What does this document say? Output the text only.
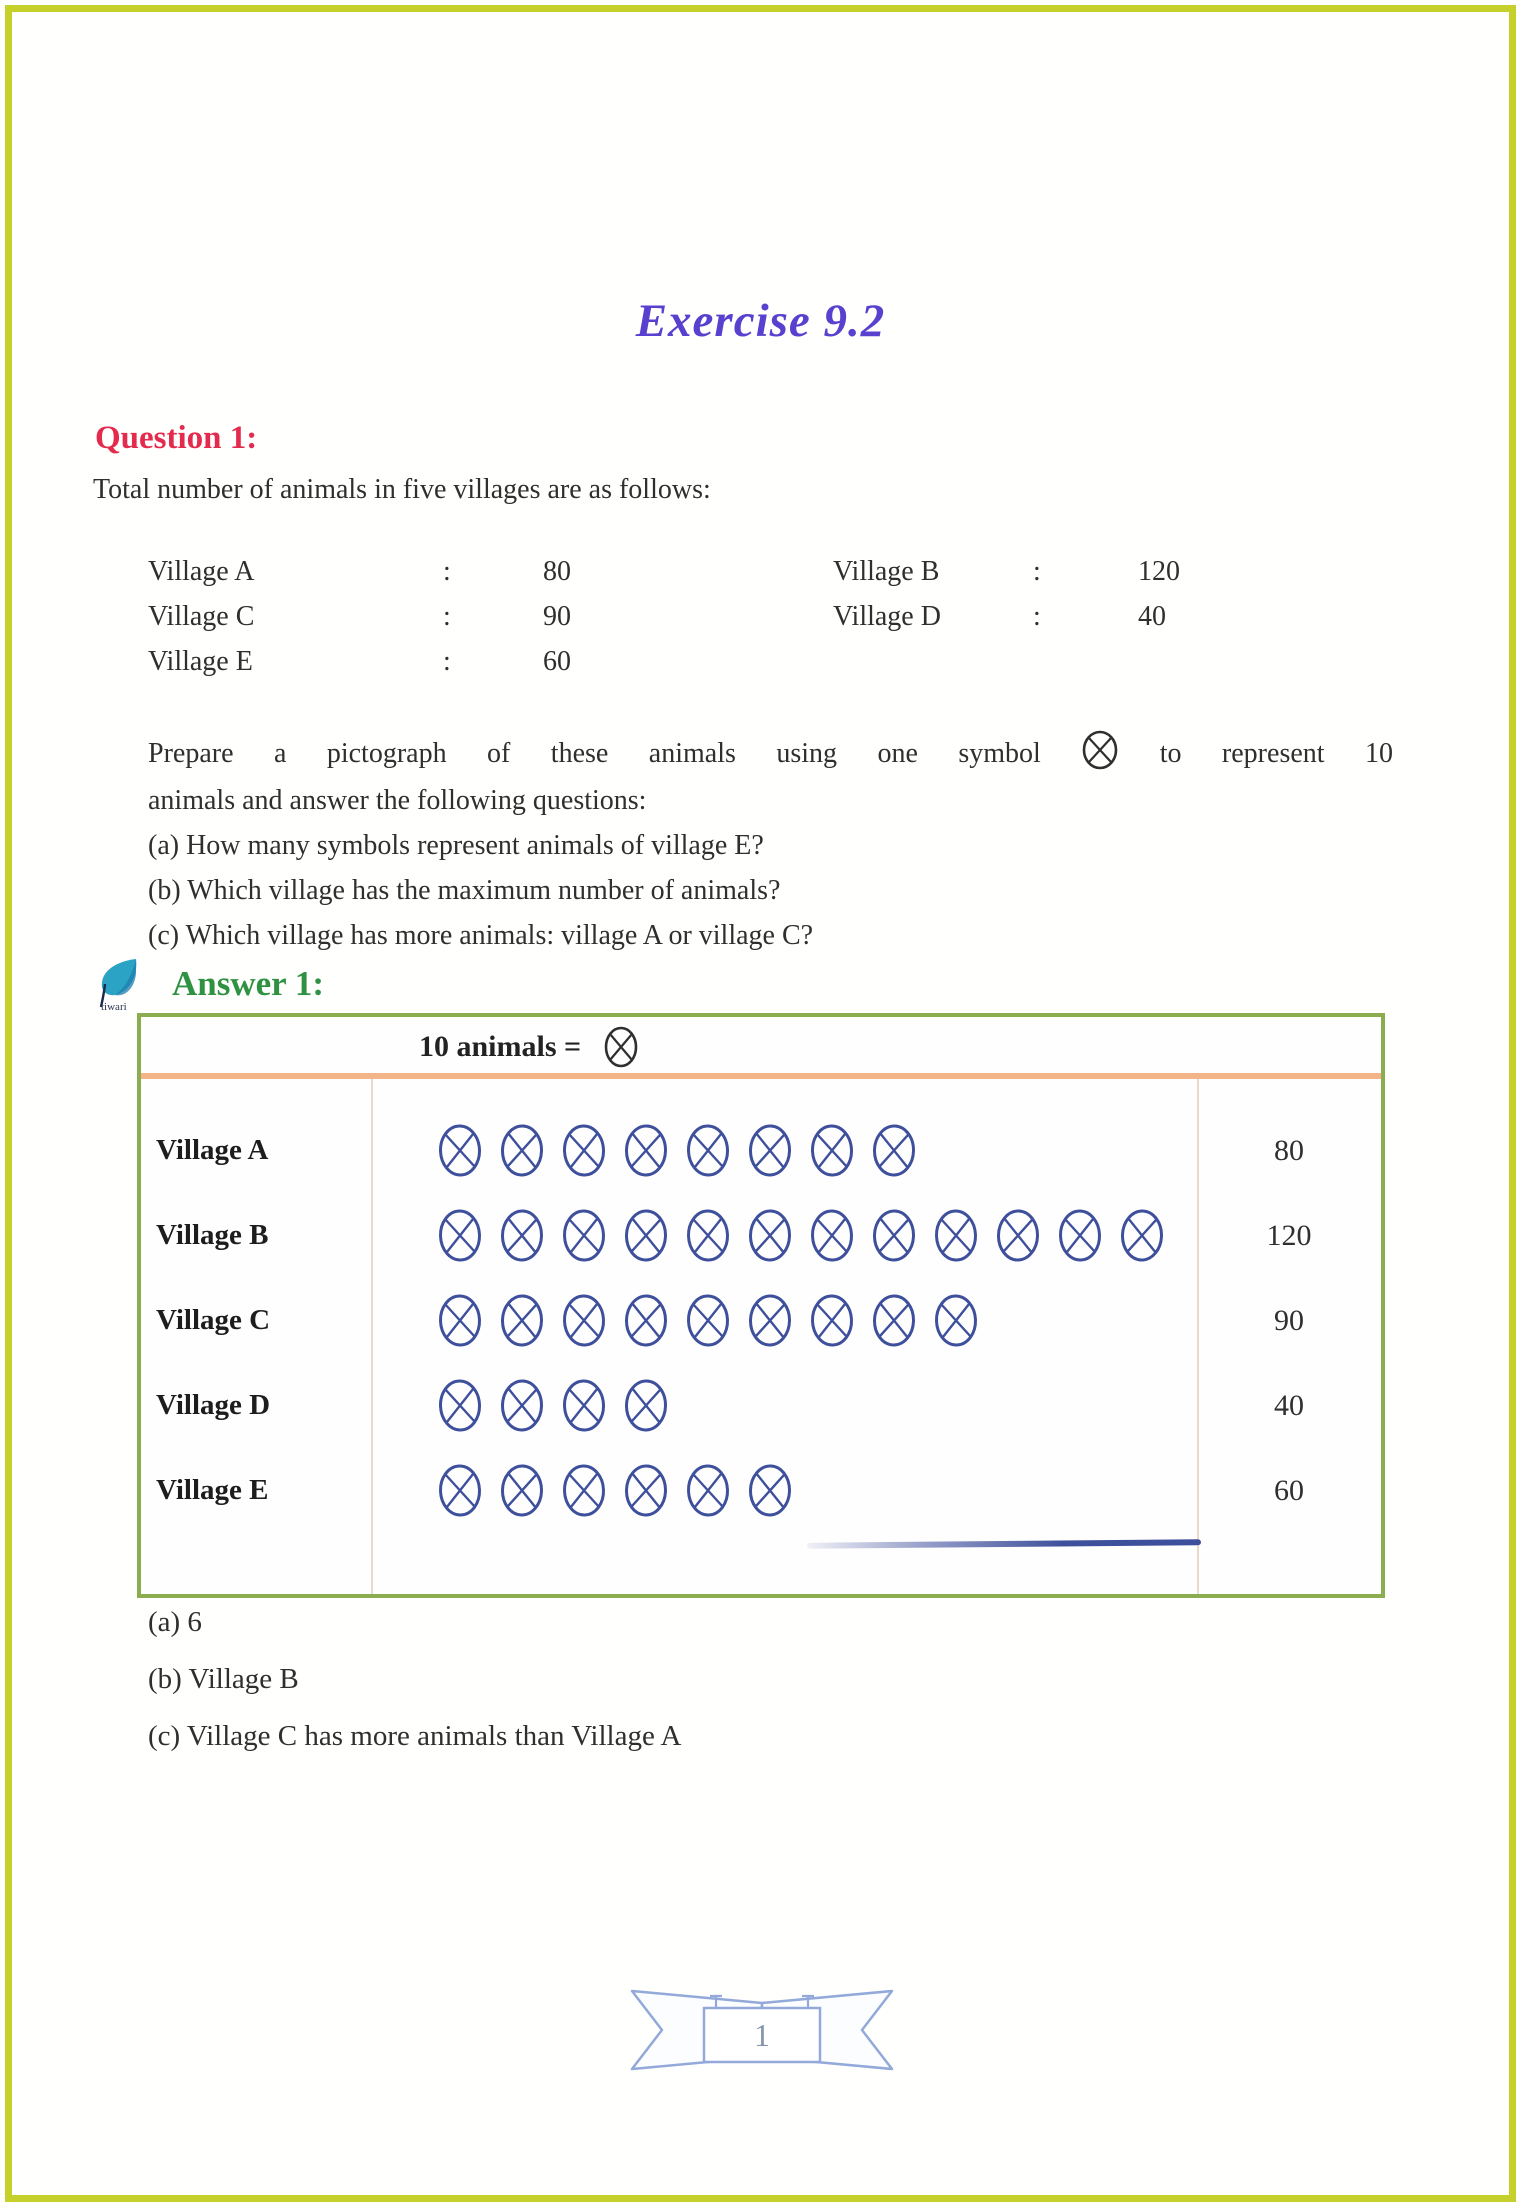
Exercise 9.2
Question 1:
Total number of animals in five villages are as follows:
Village A	:	80
Village C	:	90
Village E	:	60
Village B	:	120
Village D	:	40
Prepare a pictograph of these animals using one symbol	to represent 10
animals and answer the following questions:
(a) How many symbols represent animals of village E?
(b) Which village has the maximum number of animals?
(c) Which village has more animals: village A or village C?
tiwari
Answer 1:
10 animals =
Village A	80
Village B	120
Village C	90
Village D	40
Village E	60
(a) 6
(b) Village B
(c) Village C has more animals than Village A
1
